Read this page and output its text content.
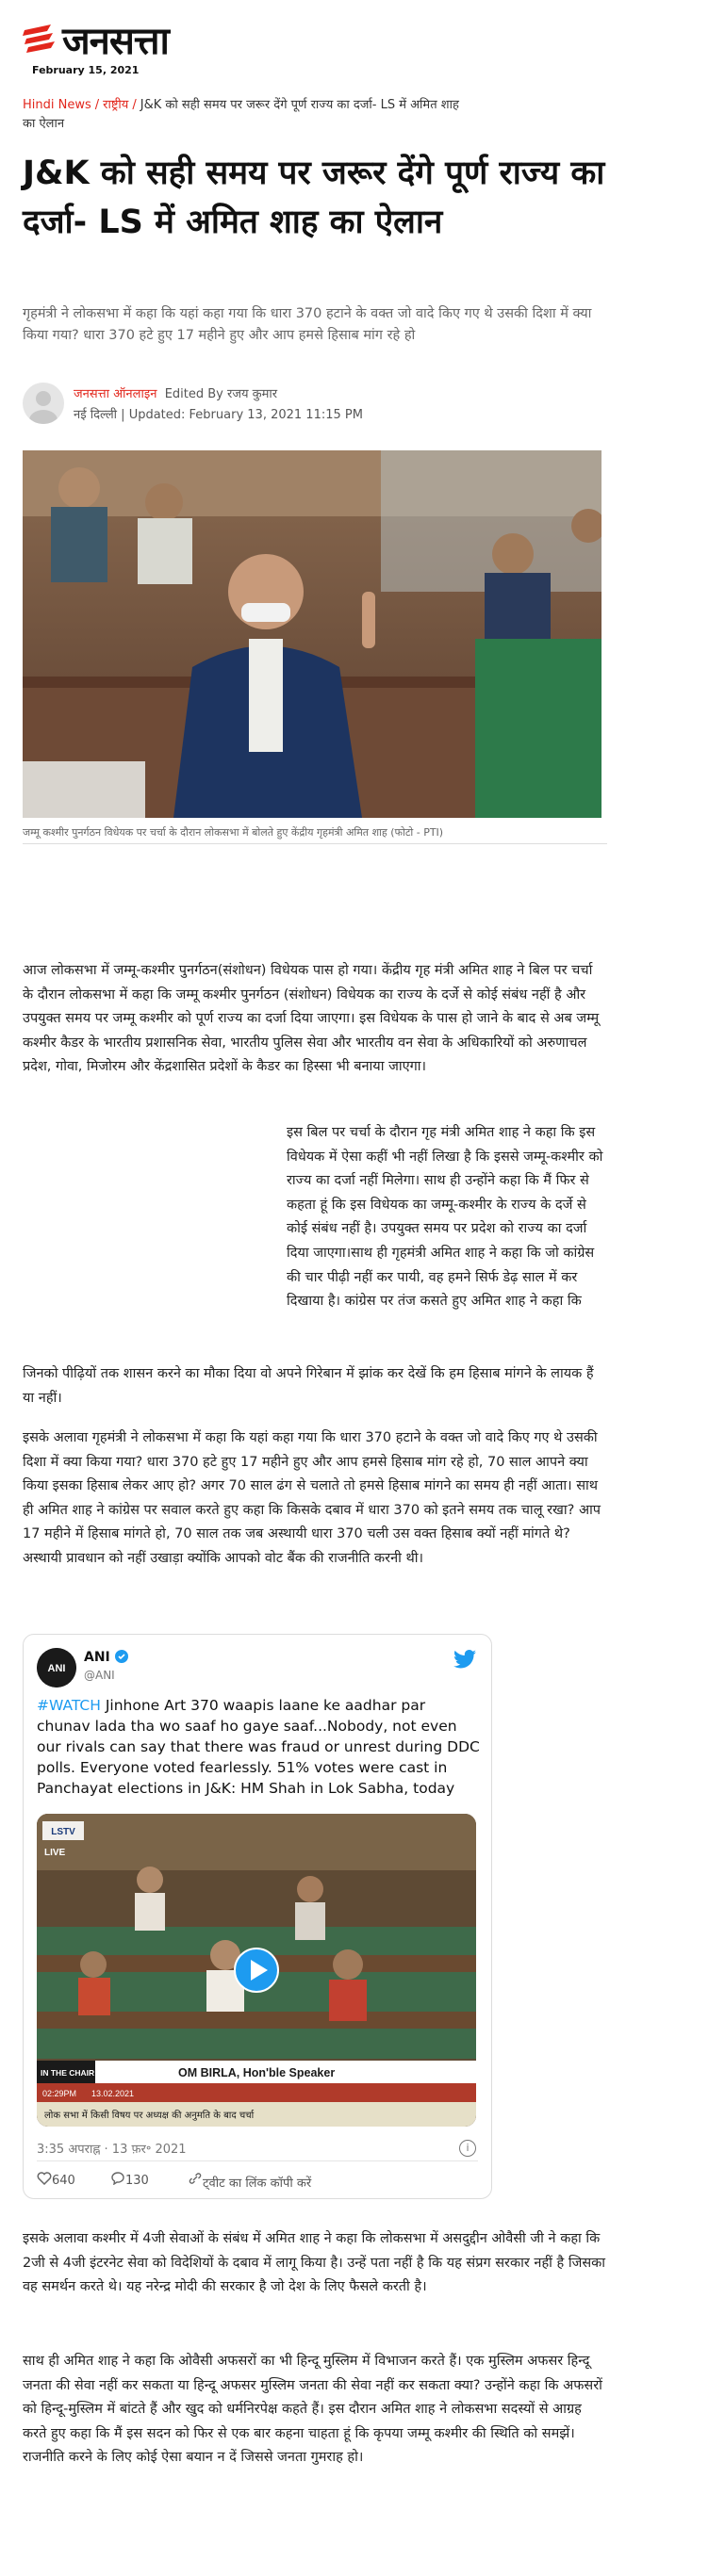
जनसत्ता
February 15, 2021
Hindi News / राष्ट्रीय / J&K को सही समय पर जरूर देंगे पूर्ण राज्य का दर्जा- LS में अमित शाह
का ऐलान
J&K को सही समय पर जरूर देंगे पूर्ण राज्य का दर्जा- LS में अमित शाह का ऐलान
गृहमंत्री ने लोकसभा में कहा कि यहां कहा गया कि धारा 370 हटाने के वक्त जो वादे किए गए थे उसकी दिशा में क्या किया गया? धारा 370 हटे हुए 17 महीने हुए और आप हमसे हिसाब मांग रहे हो
जनसत्ता ऑनलाइन Edited By रजय कुमार
नई दिल्ली | Updated: February 13, 2021 11:15 PM
जम्मू कश्मीर पुनर्गठन विधेयक पर चर्चा के दौरान लोकसभा में बोलते हुए केंद्रीय गृहमंत्री अमित शाह (फोटो - PTI)
आज लोकसभा में जम्मू-कश्मीर पुनर्गठन(संशोधन) विधेयक पास हो गया। केंद्रीय गृह मंत्री अमित शाह ने बिल पर चर्चा के दौरान लोकसभा में कहा कि जम्मू कश्मीर पुनर्गठन (संशोधन) विधेयक का राज्य के दर्जे से कोई संबंध नहीं है और उपयुक्त समय पर जम्मू कश्मीर को पूर्ण राज्य का दर्जा दिया जाएगा। इस विधेयक के पास हो जाने के बाद से अब जम्मू कश्मीर कैडर के भारतीय प्रशासनिक सेवा, भारतीय पुलिस सेवा और भारतीय वन सेवा के अधिकारियों को अरुणाचल प्रदेश, गोवा, मिजोरम और केंद्रशासित प्रदेशों के कैडर का हिस्सा भी बनाया जाएगा।
इस बिल पर चर्चा के दौरान गृह मंत्री अमित शाह ने कहा कि इस विधेयक में ऐसा कहीं भी नहीं लिखा है कि इससे जम्मू-कश्मीर को राज्य का दर्जा नहीं मिलेगा। साथ ही उन्होंने कहा कि मैं फिर से कहता हूं कि इस विधेयक का जम्मू-कश्मीर के राज्य के दर्जे से कोई संबंध नहीं है। उपयुक्त समय पर प्रदेश को राज्य का दर्जा दिया जाएगा।साथ ही गृहमंत्री अमित शाह ने कहा कि जो कांग्रेस की चार पीढ़ी नहीं कर पायी, वह हमने सिर्फ डेढ़ साल में कर दिखाया है। कांग्रेस पर तंज कसते हुए अमित शाह ने कहा कि
जिनको पीढ़ियों तक शासन करने का मौका दिया वो अपने गिरेबान में झांक कर देखें कि हम हिसाब मांगने के लायक हैं या नहीं।
इसके अलावा गृहमंत्री ने लोकसभा में कहा कि यहां कहा गया कि धारा 370 हटाने के वक्त जो वादे किए गए थे उसकी दिशा में क्या किया गया? धारा 370 हटे हुए 17 महीने हुए और आप हमसे हिसाब मांग रहे हो, 70 साल आपने क्या किया इसका हिसाब लेकर आए हो? अगर 70 साल ढंग से चलाते तो हमसे हिसाब मांगने का समय ही नहीं आता। साथ ही अमित शाह ने कांग्रेस पर सवाल करते हुए कहा कि किसके दबाव में धारा 370 को इतने समय तक चालू रखा? आप 17 महीने में हिसाब मांगते हो, 70 साल तक जब अस्थायी धारा 370 चली उस वक्त हिसाब क्यों नहीं मांगते थे? अस्थायी प्रावधान को नहीं उखाड़ा क्योंकि आपको वोट बैंक की राजनीति करनी थी।
ANI
ANI
@ANI
#WATCH Jinhone Art 370 waapis laane ke aadhar par chunav lada tha wo saaf ho gaye saaf...Nobody, not even our rivals can say that there was fraud or unrest during DDC polls. Everyone voted fearlessly. 51% votes were cast in Panchayat elections in J&K: HM Shah in Lok Sabha, today
LSTV
LIVE
IN THE CHAIR	OM BIRLA, Hon'ble Speaker
02:29PM 13.02.2021
लोक सभा में किसी विषय पर अध्यक्ष की अनुमति के बाद चर्चा
3:35 अपराह्न · 13 फ़र॰ 2021	i
640	130	ट्वीट का लिंक कॉपी करें
इसके अलावा कश्मीर में 4जी सेवाओं के संबंध में अमित शाह ने कहा कि लोकसभा में असदुद्दीन ओवैसी जी ने कहा कि 2जी से 4जी इंटरनेट सेवा को विदेशियों के दबाव में लागू किया है। उन्हें पता नहीं है कि यह संप्रग सरकार नहीं है जिसका वह समर्थन करते थे। यह नरेन्द्र मोदी की सरकार है जो देश के लिए फैसले करती है।
साथ ही अमित शाह ने कहा कि ओवैसी अफसरों का भी हिन्दू मुस्लिम में विभाजन करते हैं। एक मुस्लिम अफसर हिन्दू जनता की सेवा नहीं कर सकता या हिन्दू अफसर मुस्लिम जनता की सेवा नहीं कर सकता क्या? उन्होंने कहा कि अफसरों को हिन्दू-मुस्लिम में बांटते हैं और खुद को धर्मनिरपेक्ष कहते हैं। इस दौरान अमित शाह ने लोकसभा सदस्यों से आग्रह करते हुए कहा कि मैं इस सदन को फिर से एक बार कहना चाहता हूं कि कृपया जम्मू कश्मीर की स्थिति को समझें। राजनीति करने के लिए कोई ऐसा बयान न दें जिससे जनता गुमराह हो।
